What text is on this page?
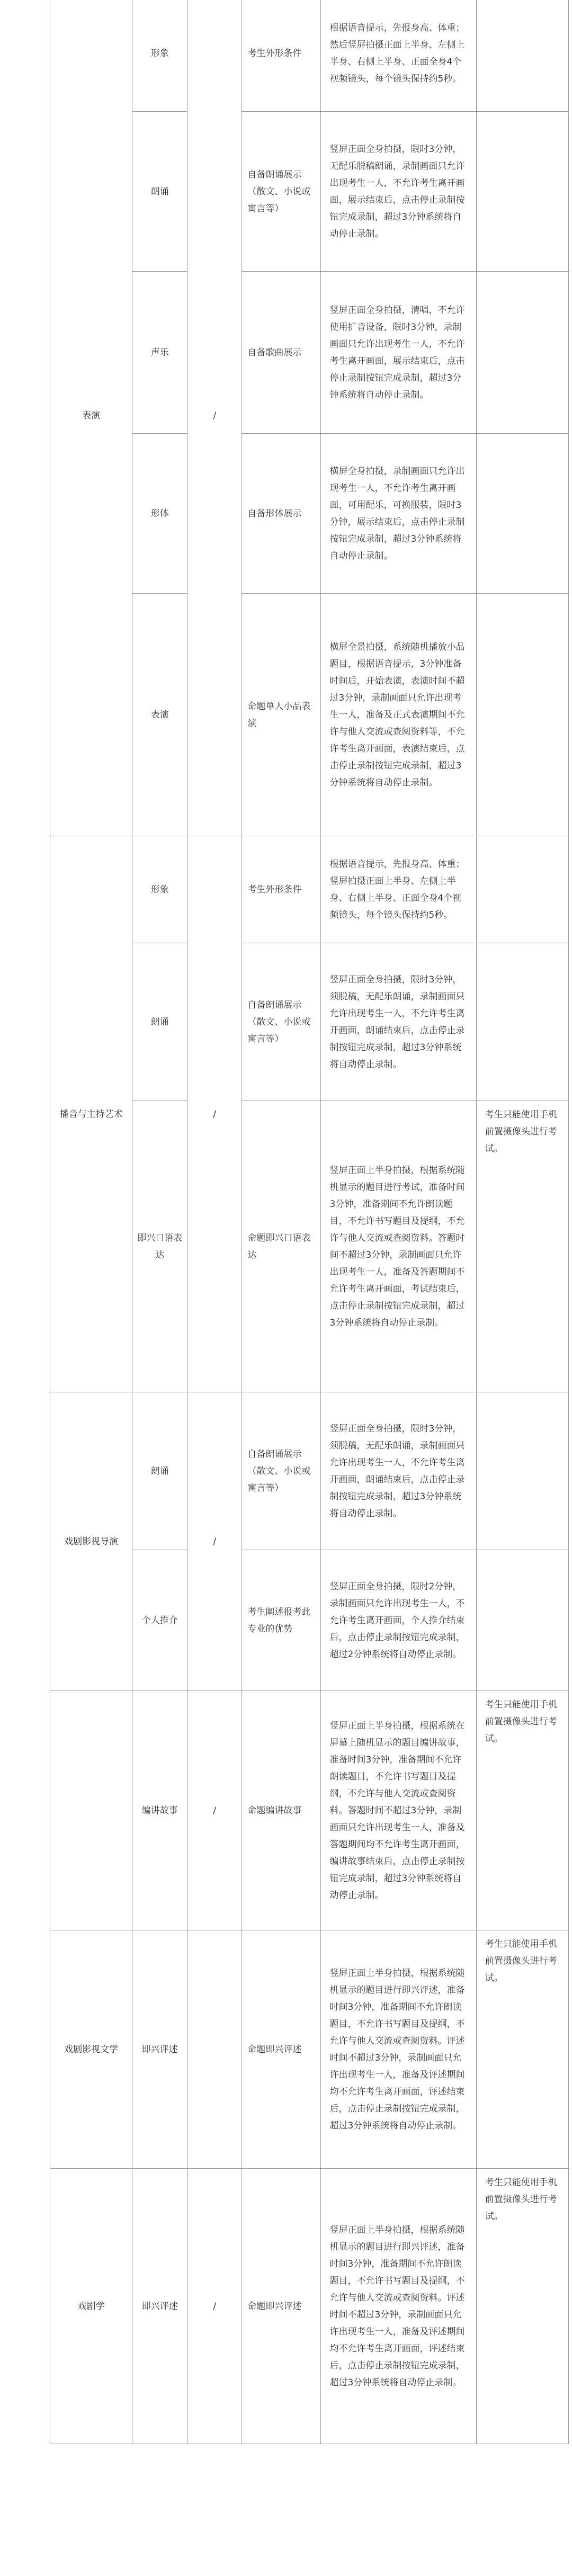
表演	形象	/	考生外形条件	根据语音提示，先报身高、体重；然后竖屏拍摄正面上半身、左侧上半身、右侧上半身、正面全身4个视频镜头，每个镜头保持约5秒。	
	朗诵		自备朗诵展示（散文、小说或寓言等）	竖屏正面全身拍摄，限时3分钟，无配乐脱稿朗诵，录制画面只允许出现考生一人，不允许考生离开画面，展示结束后，点击停止录制按钮完成录制，超过3分钟系统将自动停止录制。	
	声乐		自备歌曲展示	竖屏正面全身拍摄，清唱，不允许使用扩音设备，限时3分钟，录制画面只允许出现考生一人，不允许考生离开画面，展示结束后，点击停止录制按钮完成录制，超过3分钟系统将自动停止录制。	
	形体		自备形体展示	横屏全身拍摄，录制画面只允许出现考生一人，不允许考生离开画面，可用配乐，可换服装，限时3分钟，展示结束后，点击停止录制按钮完成录制，超过3分钟系统将自动停止录制。	
	表演		命题单人小品表演	横屏全景拍摄，系统随机播放小品题目，根据语音提示，3分钟准备时间后，开始表演，表演时间不超过3分钟，录制画面只允许出现考生一人，准备及正式表演期间不允许与他人交流或查阅资料等，不允许考生离开画面，表演结束后，点击停止录制按钮完成录制，超过3分钟系统将自动停止录制。	
播音与主持艺术	形象	/	考生外形条件	根据语音提示，先报身高、体重；竖屏拍摄正面上半身、左侧上半身、右侧上半身、正面全身4个视频镜头，每个镜头保持约5秒。	
	朗诵		自备朗诵展示（散文、小说或寓言等）	竖屏正面全身拍摄，限时3分钟，须脱稿，无配乐朗诵，录制画面只允许出现考生一人，不允许考生离开画面，朗诵结束后，点击停止录制按钮完成录制，超过3分钟系统将自动停止录制。	
	即兴口语表达		命题即兴口语表达	竖屏正面上半身拍摄，根据系统随机显示的题目进行考试，准备时间3分钟，准备期间不允许朗读题目，不允许书写题目及提纲，不允许与他人交流或查阅资料。答题时间不超过3分钟，录制画面只允许出现考生一人，准备及答题期间不允许考生离开画面，考试结束后，点击停止录制按钮完成录制，超过3分钟系统将自动停止录制。	考生只能使用手机前置摄像头进行考试。
戏剧影视导演	朗诵	/	自备朗诵展示（散文、小说或寓言等）	竖屏正面全身拍摄，限时3分钟，须脱稿，无配乐朗诵，录制画面只允许出现考生一人，不允许考生离开画面，朗诵结束后，点击停止录制按钮完成录制，超过3分钟系统将自动停止录制。	
	个人推介		考生阐述报考此专业的优势	竖屏正面全身拍摄，限时2分钟，录制画面只允许出现考生一人，不允许考生离开画面，个人推介结束后，点击停止录制按钮完成录制，超过2分钟系统将自动停止录制。	
	编讲故事	/	命题编讲故事	竖屏正面上半身拍摄，根据系统在屏幕上随机显示的题目编讲故事，准备时间3分钟，准备期间不允许朗读题目，不允许书写题目及提纲，不允许与他人交流或查阅资料。答题时间不超过3分钟，录制画面只允许出现考生一人，准备及答题期间均不允许考生离开画面，编讲故事结束后，点击停止录制按钮完成录制，超过3分钟系统将自动停止录制。	考生只能使用手机前置摄像头进行考试。
戏剧影视文学	即兴评述		命题即兴评述	竖屏正面上半身拍摄，根据系统随机显示的题目进行即兴评述，准备时间3分钟，准备期间不允许朗读题目，不允许书写题目及提纲，不允许与他人交流或查阅资料。评述时间不超过3分钟，录制画面只允许出现考生一人，准备及评述期间均不允许考生离开画面，评述结束后，点击停止录制按钮完成录制，超过3分钟系统将自动停止录制。	考生只能使用手机前置摄像头进行考试。
戏剧学	即兴评述	/	命题即兴评述	竖屏正面上半身拍摄，根据系统随机显示的题目进行即兴评述，准备时间3分钟，准备期间不允许朗读题目，不允许书写题目及提纲，不允许与他人交流或查阅资料。评述时间不超过3分钟，录制画面只允许出现考生一人，准备及评述期间均不允许考生离开画面，评述结束后，点击停止录制按钮完成录制，超过3分钟系统将自动停止录制。	考生只能使用手机前置摄像头进行考试。
